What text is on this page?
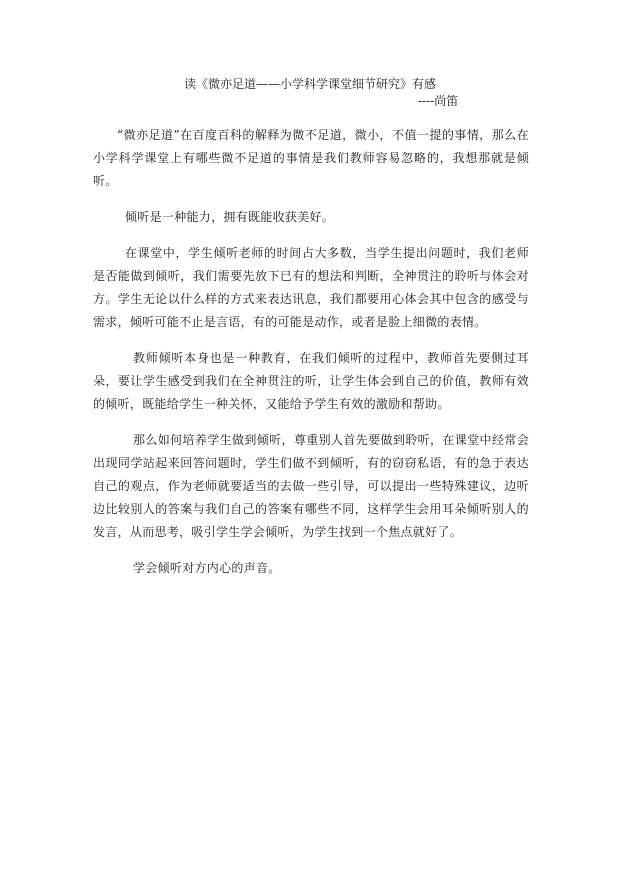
读《微亦足道——小学科学课堂细节研究》有感
----尚笛

“微亦足道”在百度百科的解释为微不足道，微小，不值一提的事情，那么在小学科学课堂上有哪些微不足道的事情是我们教师容易忽略的，我想那就是倾听。

倾听是一种能力，拥有既能收获美好。

在课堂中，学生倾听老师的时间占大多数，当学生提出问题时，我们老师是否能做到倾听，我们需要先放下已有的想法和判断，全神贯注的聆听与体会对方。学生无论以什么样的方式来表达讯息，我们都要用心体会其中包含的感受与需求，倾听可能不止是言语，有的可能是动作，或者是脸上细微的表情。

教师倾听本身也是一种教育，在我们倾听的过程中，教师首先要侧过耳朵，要让学生感受到我们在全神贯注的听，让学生体会到自己的价值，教师有效的倾听，既能给学生一种关怀，又能给予学生有效的激励和帮助。

那么如何培养学生做到倾听，尊重别人首先要做到聆听，在课堂中经常会出现同学站起来回答问题时，学生们做不到倾听，有的窃窃私语，有的急于表达自己的观点，作为老师就要适当的去做一些引导，可以提出一些特殊建议，边听边比较别人的答案与我们自己的答案有哪些不同，这样学生会用耳朵倾听别人的发言，从而思考，吸引学生学会倾听，为学生找到一个焦点就好了。

学会倾听对方内心的声音。
